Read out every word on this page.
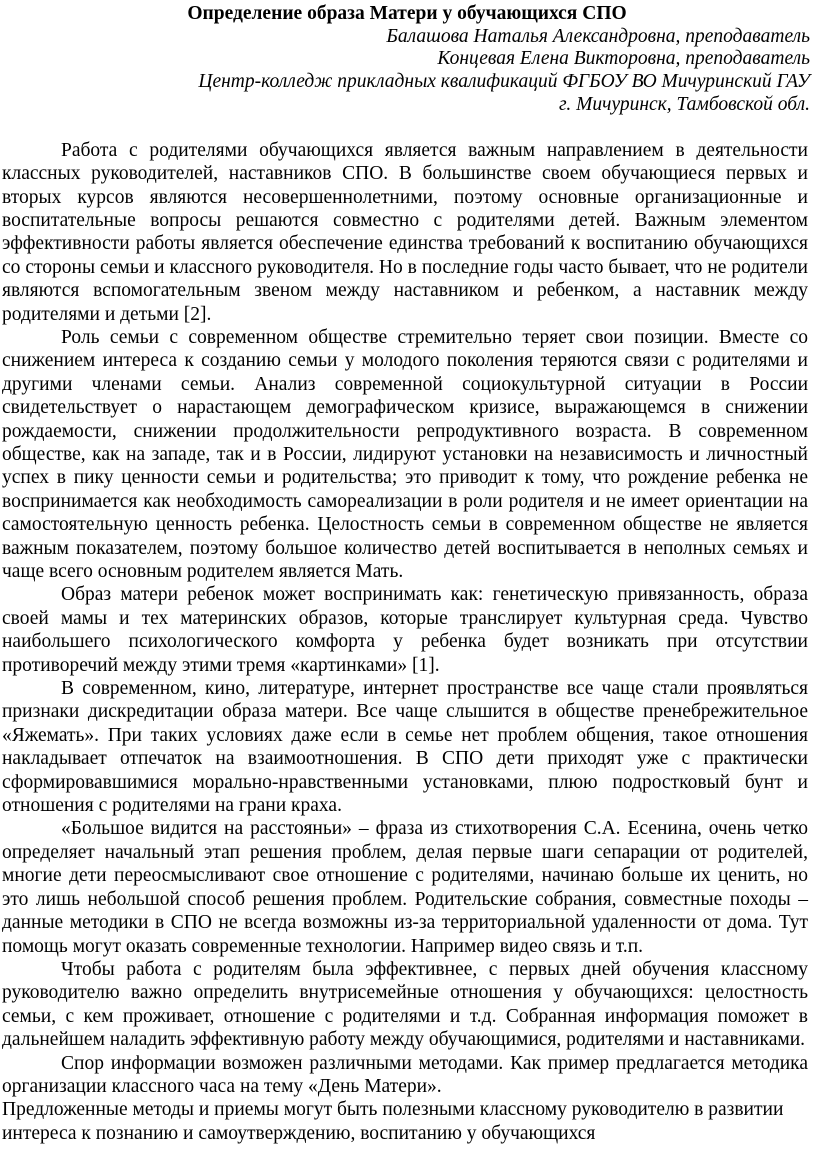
Определение образа Матери у обучающихся СПО

Балашова Наталья Александровна, преподаватель

Концевая Елена Викторовна, преподаватель

Центр-колледж прикладных квалификаций ФГБОУ ВО Мичуринский ГАУ

г. Мичуринск, Тамбовской обл.

Работа с родителями обучающихся является важным направлением в деятельности классных руководителей, наставников СПО. В большинстве своем обучающиеся первых и вторых курсов являются несовершеннолетними, поэтому основные организационные и воспитательные вопросы решаются совместно с родителями детей. Важным элементом эффективности работы является обеспечение единства требований к воспитанию обучающихся со стороны семьи и классного руководителя. Но в последние годы часто бывает, что не родители являются вспомогательным звеном между наставником и ребенком, а наставник между родителями и детьми [2].

Роль семьи с современном обществе стремительно теряет свои позиции. Вместе со снижением интереса к созданию семьи у молодого поколения теряются связи с родителями и другими членами семьи. Анализ современной социокультурной ситуации в России свидетельствует о нарастающем демографическом кризисе, выражающемся в снижении рождаемости, снижении продолжительности репродуктивного возраста. В современном обществе, как на западе, так и в России, лидируют установки на независимость и личностный успех в пику ценности семьи и родительства; это приводит к тому, что рождение ребенка не воспринимается как необходимость самореализации в роли родителя и не имеет ориентации на самостоятельную ценность ребенка. Целостность семьи в современном обществе не является важным показателем, поэтому большое количество детей воспитывается в неполных семьях и чаще всего основным родителем является Мать.

Образ матери ребенок может воспринимать как: генетическую привязанность, образа своей мамы и тех материнских образов, которые транслирует культурная среда. Чувство наибольшего психологического комфорта у ребенка будет возникать при отсутствии противоречий между этими тремя «картинками» [1].

В современном, кино, литературе, интернет пространстве все чаще стали проявляться признаки дискредитации образа матери. Все чаще слышится в обществе пренебрежительное «Яжемать». При таких условиях даже если в семье нет проблем общения, такое отношения накладывает отпечаток на взаимоотношения. В СПО дети приходят уже с практически сформировавшимися морально-нравственными установками, плюю подростковый бунт и отношения с родителями на грани краха.

«Большое видится на расстояньи» – фраза из стихотворения С.А. Есенина, очень четко определяет начальный этап решения проблем, делая первые шаги сепарации от родителей, многие дети переосмысливают свое отношение с родителями, начинаю больше их ценить, но это лишь небольшой способ решения проблем. Родительские собрания, совместные походы – данные методики в СПО не всегда возможны из-за территориальной удаленности от дома. Тут помощь могут оказать современные технологии. Например видео связь и т.п.

Чтобы работа с родителям была эффективнее, с первых дней обучения классному руководителю важно определить внутрисемейные отношения у обучающихся: целостность семьи, с кем проживает, отношение с родителями и т.д. Собранная информация поможет в дальнейшем наладить эффективную работу между обучающимися, родителями и наставниками.

Спор информации возможен различными методами. Как пример предлагается методика организации классного часа на тему «День Матери».

Предложенные методы и приемы могут быть полезными классному руководителю в развитии интереса к познанию и самоутверждению, воспитанию у обучающихся
